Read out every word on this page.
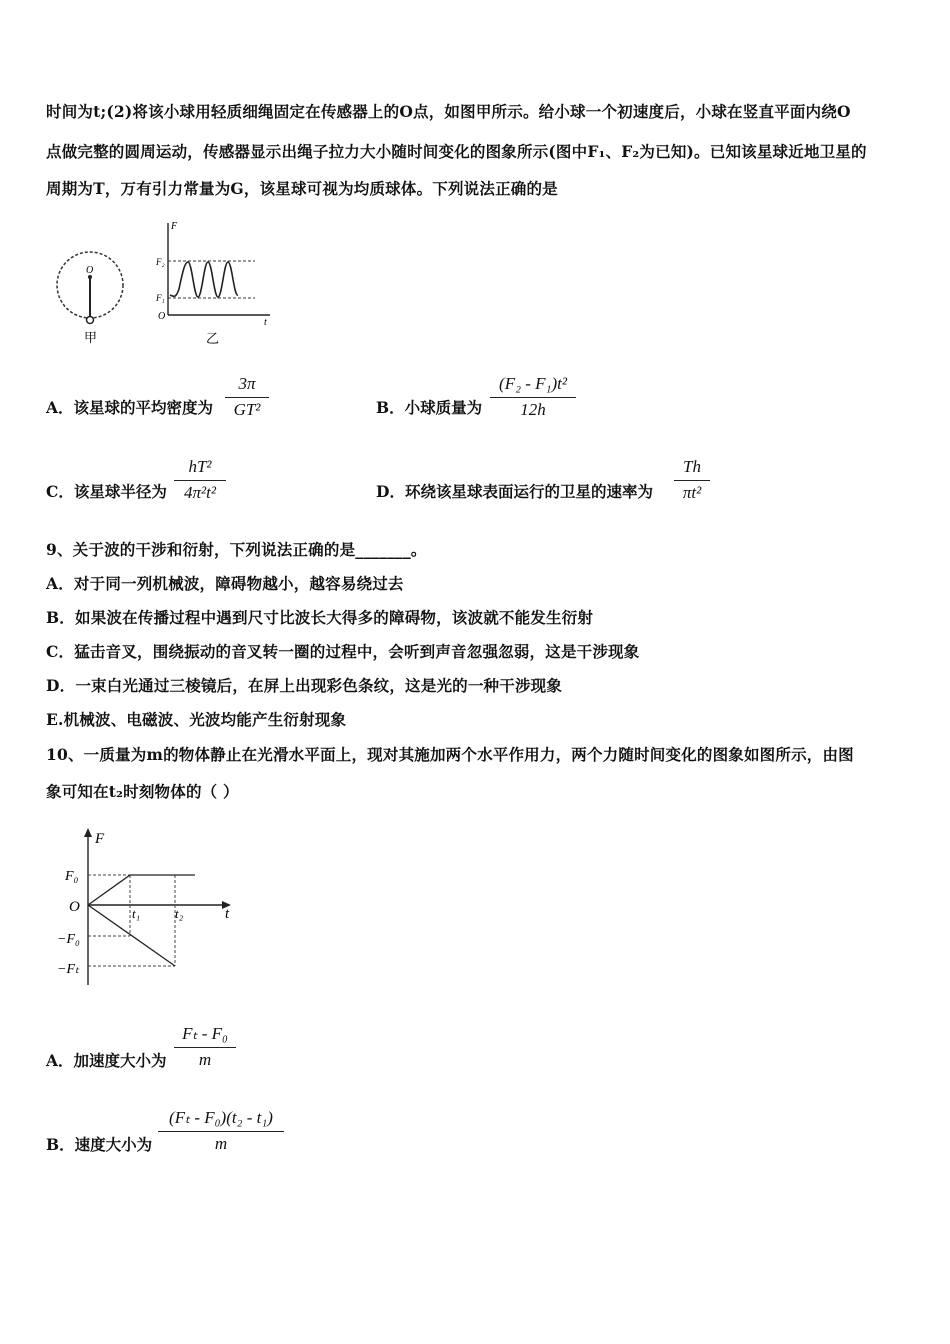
时间为t;(2)将该小球用轻质细绳固定在传感器上的O点，如图甲所示。给小球一个初速度后，小球在竖直平面内绕O
点做完整的圆周运动，传感器显示出绳子拉力大小随时间变化的图象所示(图中F₁、F₂为已知)。已知该星球近地卫星的
周期为T，万有引力常量为G，该星球可视为均质球体。下列说法正确的是
O
甲
F
t
O
F₂
F₁
乙
A．该星球的平均密度为 $\frac{3\pi}{\text{GT²}}$	B．小球质量为 $\frac{\text{(F₂ - F₁)t²}}{12h}$
C．该星球半径为 $\frac{\text{hT²}}{\text{4π²t²}}$	D．环绕该星球表面运行的卫星的速率为 $\frac{Th}{\text{πt²}}$
9、关于波的干涉和衍射，下列说法正确的是_______。
A．对于同一列机械波，障碍物越小，越容易绕过去
B．如果波在传播过程中遇到尺寸比波长大得多的障碍物，该波就不能发生衍射
C．猛击音叉，围绕振动的音叉转一圈的过程中，会听到声音忽强忽弱，这是干涉现象
D．一束白光通过三棱镜后，在屏上出现彩色条纹，这是光的一种干涉现象
E.机械波、电磁波、光波均能产生衍射现象
10、一质量为m的物体静止在光滑水平面上，现对其施加两个水平作用力，两个力随时间变化的图象如图所示，由图
象可知在t₂时刻物体的（ ）
F
t
O
F₀
−F₀
−Fₜ
t₁	t₂
A．加速度大小为 $\frac{\text{Fₜ - F₀}}{m}$
B．速度大小为 $\frac{\text{(Fₜ - F₀)(t₂ - t₁)}}{m}$
